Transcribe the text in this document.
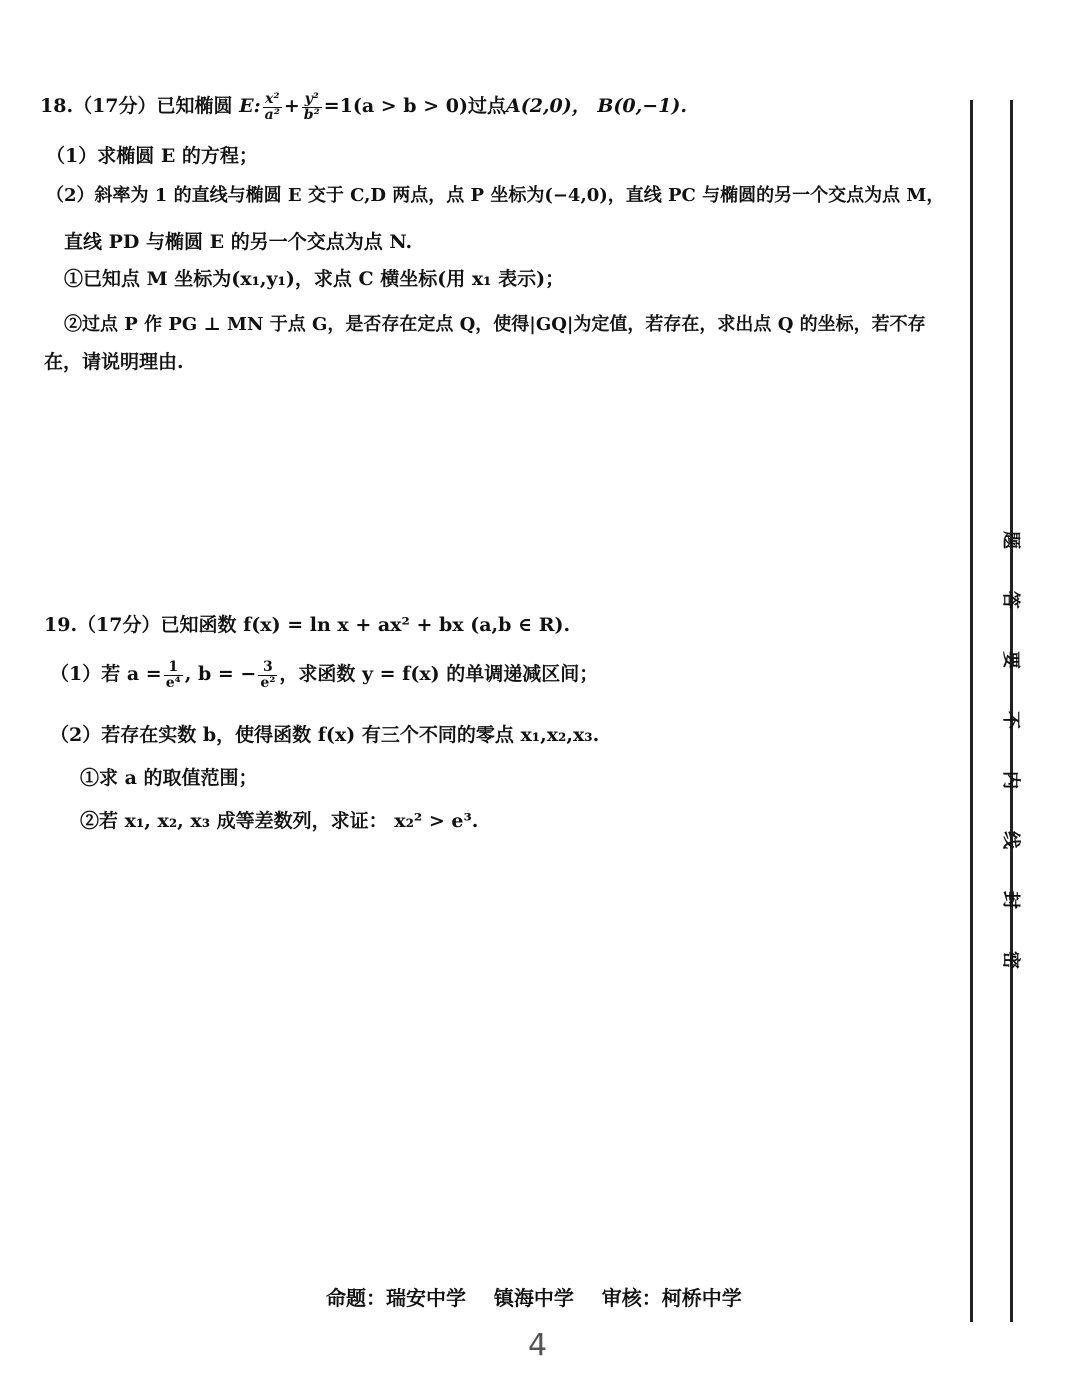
18.（17分）已知椭圆 E: $\frac{\text{x²}}{\text{a²}} + \frac{\text{y²}}{\text{b²}} =1(a > b > 0)$过点A(2,0)， B(0,−1).
（1）求椭圆 E 的方程；
（2）斜率为 1 的直线与椭圆 E 交于 C,D 两点，点 P 坐标为(−4,0)，直线 PC 与椭圆的另一个交点为点 M，
直线 PD 与椭圆 E 的另一个交点为点 N.
①已知点 M 坐标为(x₁,y₁)，求点 C 横坐标(用 x₁ 表示)；
②过点 P 作 PG ⊥ MN 于点 G，是否存在定点 Q，使得|GQ|为定值，若存在，求出点 Q 的坐标，若不存
在，请说明理由.
19.（17分）已知函数 f(x) = ln x + ax² + bx (a,b ∈ R).
（1）若 $a = \frac{1}{\text{e⁴}}$ , b = − $\frac{3}{\text{e²}}$ ，求函数 y = f(x) 的单调递减区间；
（2）若存在实数 b，使得函数 f(x) 有三个不同的零点 x₁,x₂,x₃.
①求 a 的取值范围；
②若 x₁, x₂, x₃ 成等差数列，求证： x₂² > e³.
题
答
要
不
内
线
封
密
命题：瑞安中学    镇海中学    审核：柯桥中学
4
